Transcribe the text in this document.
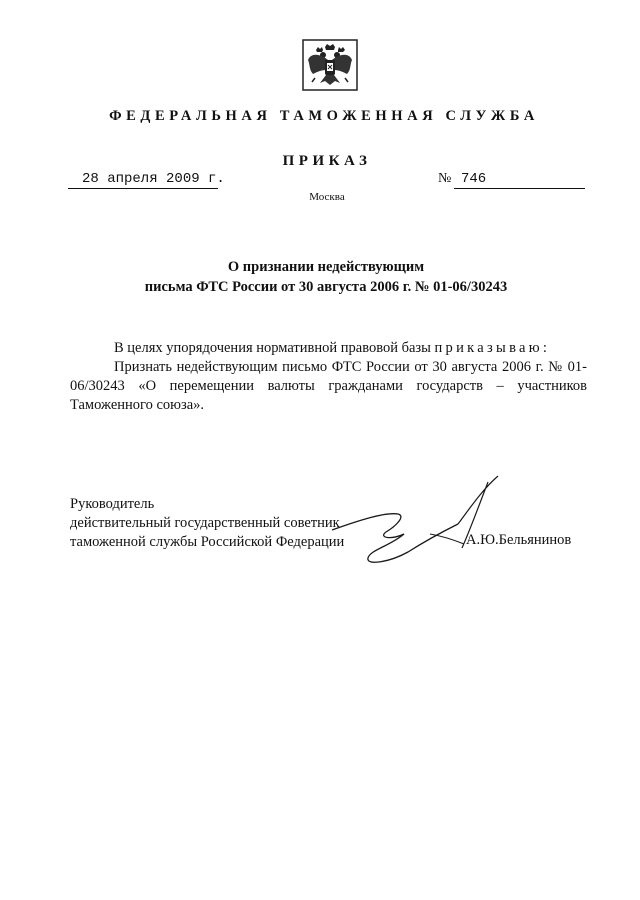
ФЕДЕРАЛЬНАЯ ТАМОЖЕННАЯ СЛУЖБА
ПРИКАЗ
28 апреля 2009 г.	№ 746
Москва
О признании недействующим
письма ФТС России от 30 августа 2006 г. № 01-06/30243

В целях упорядочения нормативной правовой базы приказываю:

Признать недействующим письмо ФТС России от 30 августа 2006 г. № 01-06/30243 «О перемещении валюты гражданами государств – участников Таможенного союза».

Руководитель
действительный государственный советник
таможенной службы Российской Федерации	А.Ю.Бельянинов
